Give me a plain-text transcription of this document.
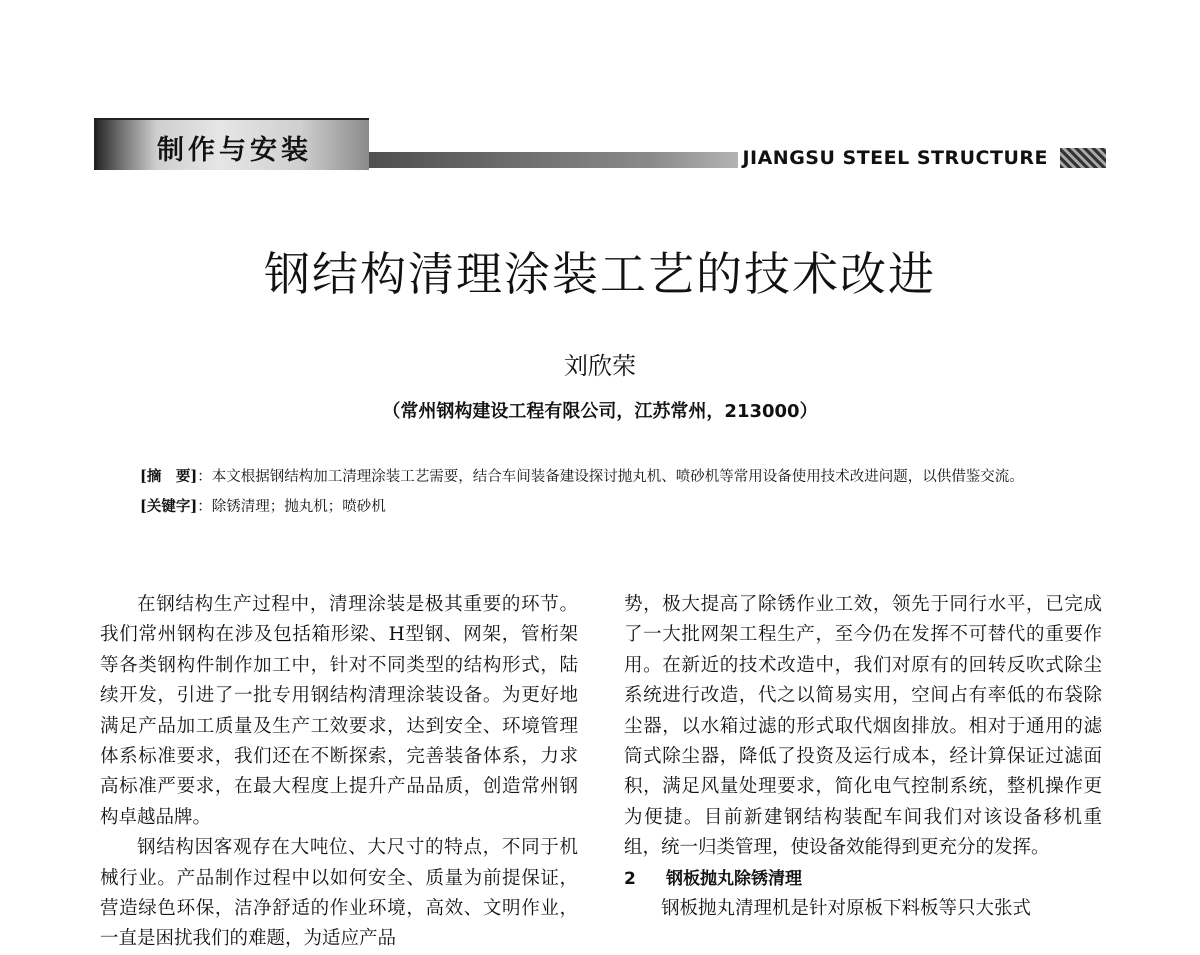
制作与安装	JIANGSU STEEL STRUCTURE
钢结构清理涂装工艺的技术改进
刘欣荣
（常州钢构建设工程有限公司，江苏常州，213000）

[摘　要]：本文根据钢结构加工清理涂装工艺需要，结合车间装备建设探讨抛丸机、喷砂机等常用设备使用技术改进问题，以供借鉴交流。

[关键字]：除锈清理；抛丸机；喷砂机

在钢结构生产过程中，清理涂装是极其重要的环节。我们常州钢构在涉及包括箱形梁、H型钢、网架，管桁架等各类钢构件制作加工中，针对不同类型的结构形式，陆续开发，引进了一批专用钢结构清理涂装设备。为更好地满足产品加工质量及生产工效要求，达到安全、环境管理体系标准要求，我们还在不断探索，完善装备体系，力求高标准严要求，在最大程度上提升产品品质，创造常州钢构卓越品牌。

钢结构因客观存在大吨位、大尺寸的特点，不同于机械行业。产品制作过程中以如何安全、质量为前提保证，营造绿色环保，洁净舒适的作业环境，高效、文明作业，一直是困扰我们的难题，为适应产品

势，极大提高了除锈作业工效，领先于同行水平，已完成了一大批网架工程生产，至今仍在发挥不可替代的重要作用。在新近的技术改造中，我们对原有的回转反吹式除尘系统进行改造，代之以简易实用，空间占有率低的布袋除尘器，以水箱过滤的形式取代烟囱排放。相对于通用的滤筒式除尘器，降低了投资及运行成本，经计算保证过滤面积，满足风量处理要求，简化电气控制系统，整机操作更为便捷。目前新建钢结构装配车间我们对该设备移机重组，统一归类管理，使设备效能得到更充分的发挥。

2 钢板抛丸除锈清理

钢板抛丸清理机是针对原板下料板等只大张式
